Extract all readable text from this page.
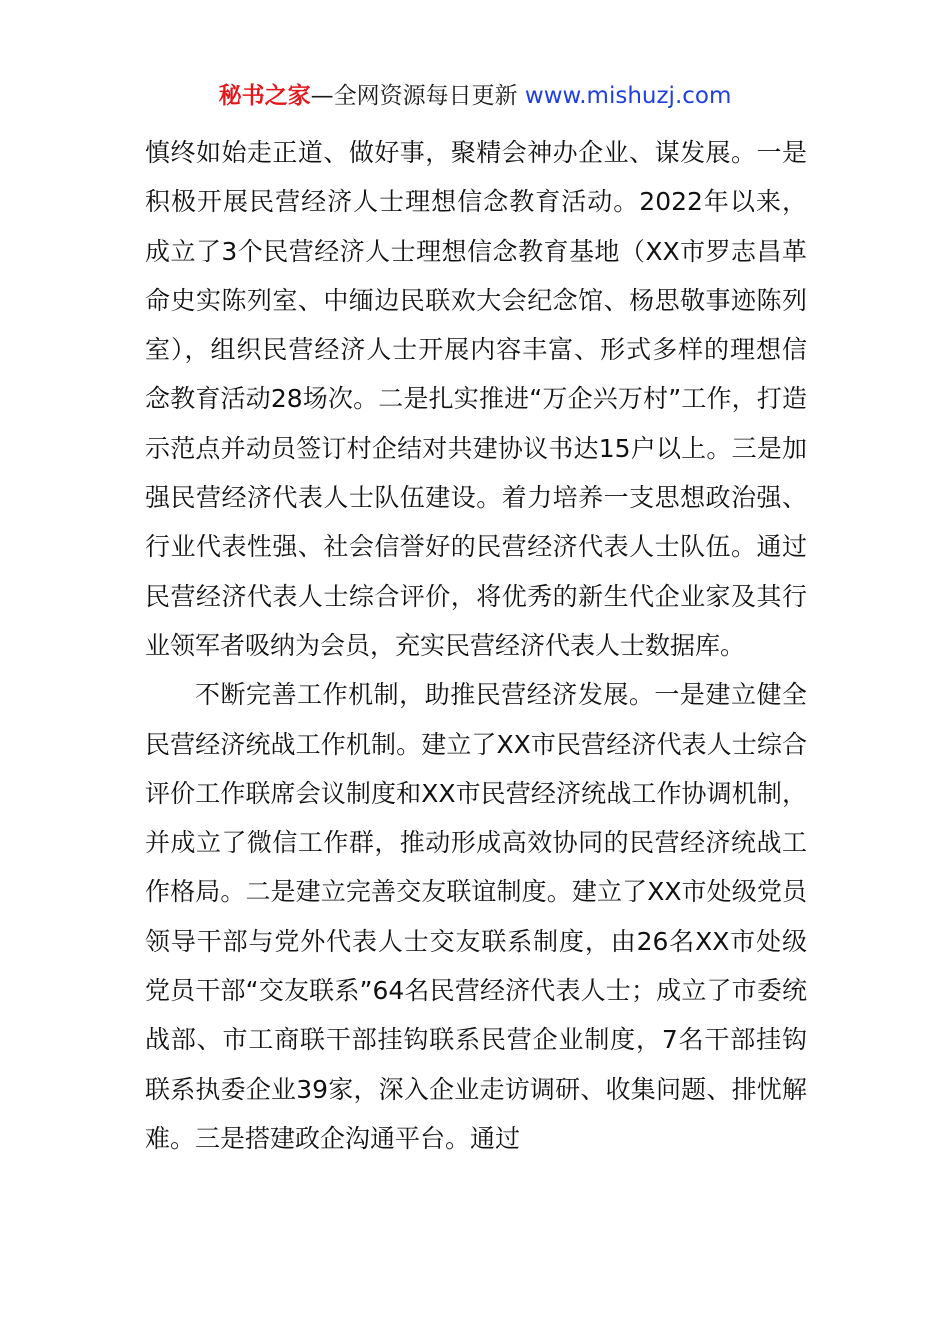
秘书之家—全网资源每日更新 www.mishuzj.com

慎终如始走正道、做好事，聚精会神办企业、谋发展。一是积极开展民营经济人士理想信念教育活动。2022年以来，成立了3个民营经济人士理想信念教育基地（XX市罗志昌革命史实陈列室、中缅边民联欢大会纪念馆、杨思敬事迹陈列室），组织民营经济人士开展内容丰富、形式多样的理想信念教育活动28场次。二是扎实推进“万企兴万村”工作，打造示范点并动员签订村企结对共建协议书达15户以上。三是加强民营经济代表人士队伍建设。着力培养一支思想政治强、行业代表性强、社会信誉好的民营经济代表人士队伍。通过民营经济代表人士综合评价，将优秀的新生代企业家及其行业领军者吸纳为会员，充实民营经济代表人士数据库。

不断完善工作机制，助推民营经济发展。一是建立健全民营经济统战工作机制。建立了XX市民营经济代表人士综合评价工作联席会议制度和XX市民营经济统战工作协调机制，并成立了微信工作群，推动形成高效协同的民营经济统战工作格局。二是建立完善交友联谊制度。建立了XX市处级党员领导干部与党外代表人士交友联系制度，由26名XX市处级党员干部“交友联系”64名民营经济代表人士；成立了市委统战部、市工商联干部挂钩联系民营企业制度，7名干部挂钩联系执委企业39家，深入企业走访调研、收集问题、排忧解难。三是搭建政企沟通平台。通过
